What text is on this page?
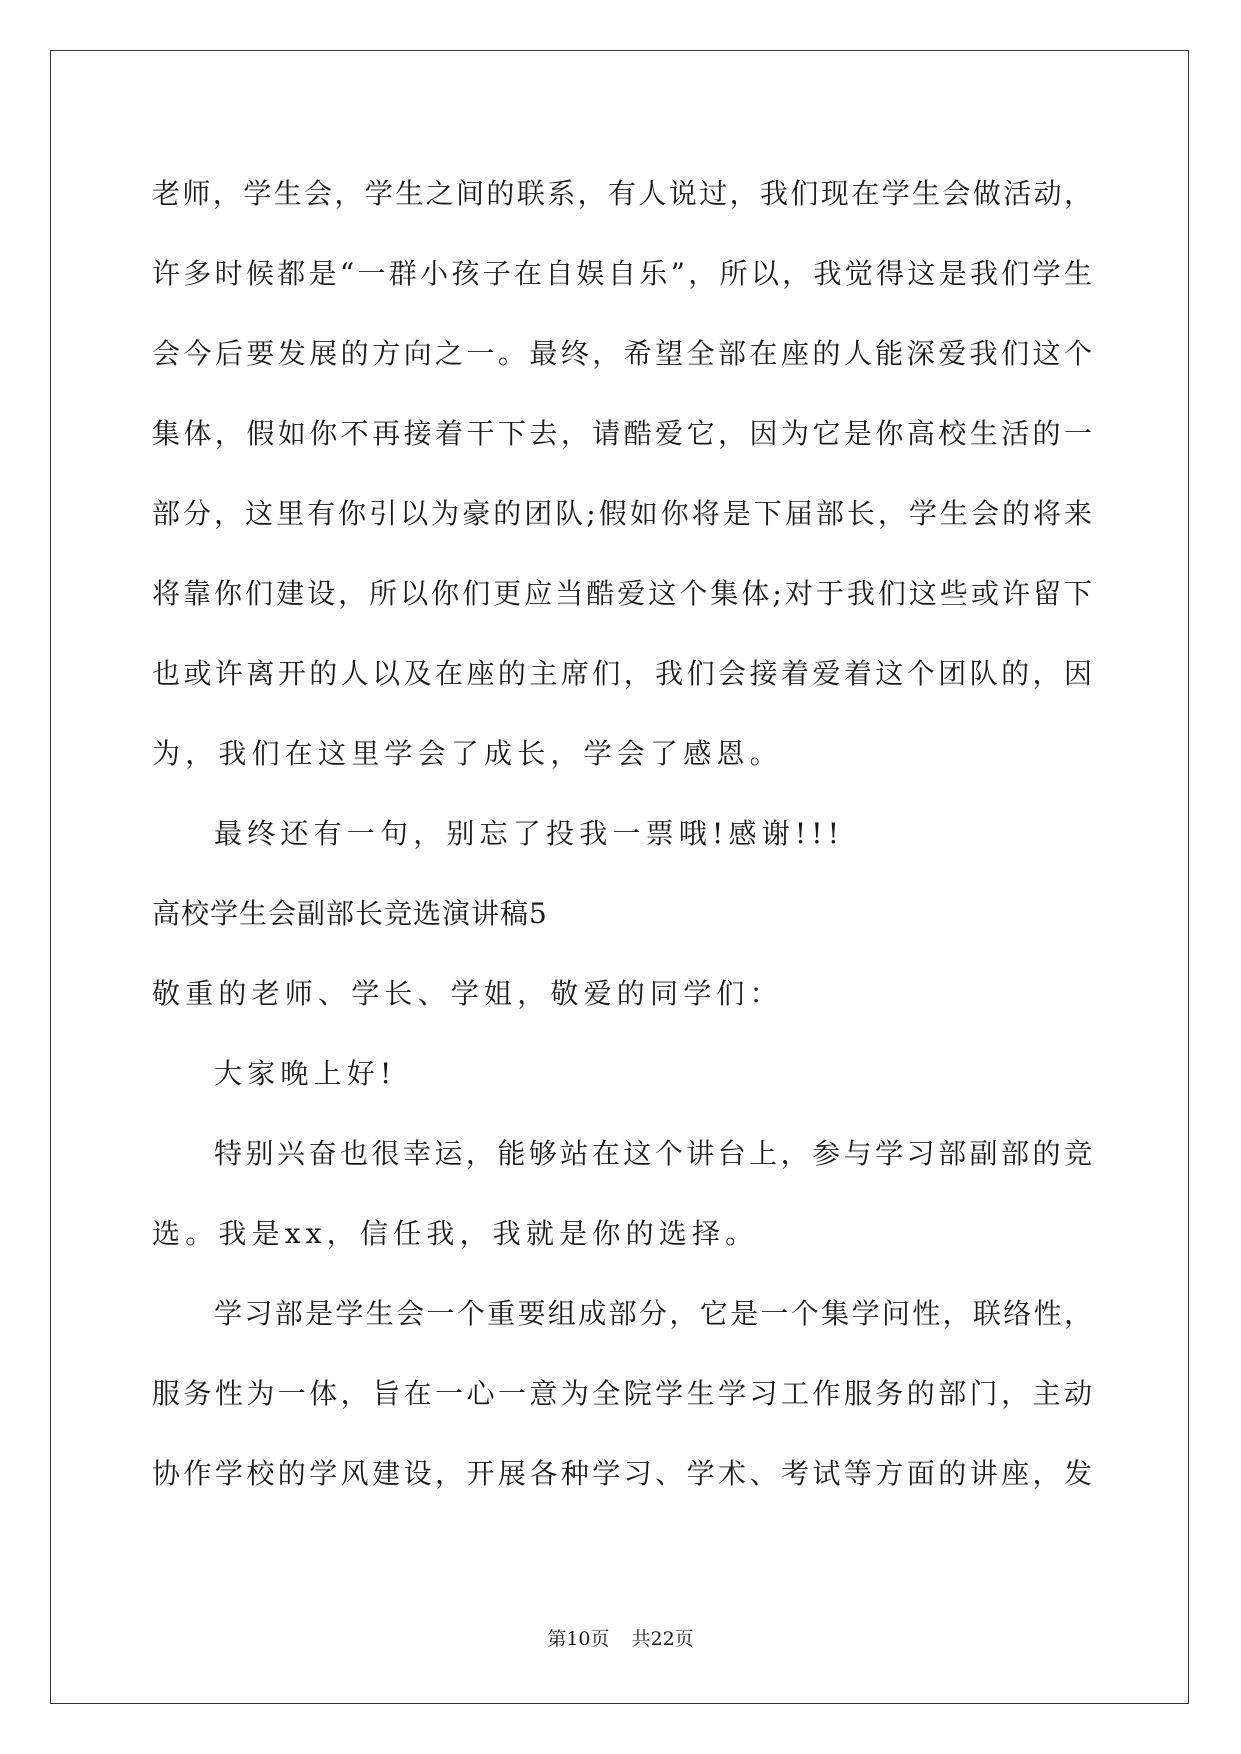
老师，学生会，学生之间的联系，有人说过，我们现在学生会做活动，
许多时候都是“一群小孩子在自娱自乐”，所以，我觉得这是我们学生
会今后要发展的方向之一。最终，希望全部在座的人能深爱我们这个
集体，假如你不再接着干下去，请酷爱它，因为它是你高校生活的一
部分，这里有你引以为豪的团队;假如你将是下届部长，学生会的将来
将靠你们建设，所以你们更应当酷爱这个集体;对于我们这些或许留下
也或许离开的人以及在座的主席们，我们会接着爱着这个团队的，因
为，我们在这里学会了成长，学会了感恩。
最终还有一句，别忘了投我一票哦!感谢!!!
高校学生会副部长竞选演讲稿5
敬重的老师、学长、学姐，敬爱的同学们：
大家晚上好!
特别兴奋也很幸运，能够站在这个讲台上，参与学习部副部的竞
选。我是xx，信任我，我就是你的选择。
学习部是学生会一个重要组成部分，它是一个集学问性，联络性，
服务性为一体，旨在一心一意为全院学生学习工作服务的部门，主动
协作学校的学风建设，开展各种学习、学术、考试等方面的讲座，发
第10页 共22页
